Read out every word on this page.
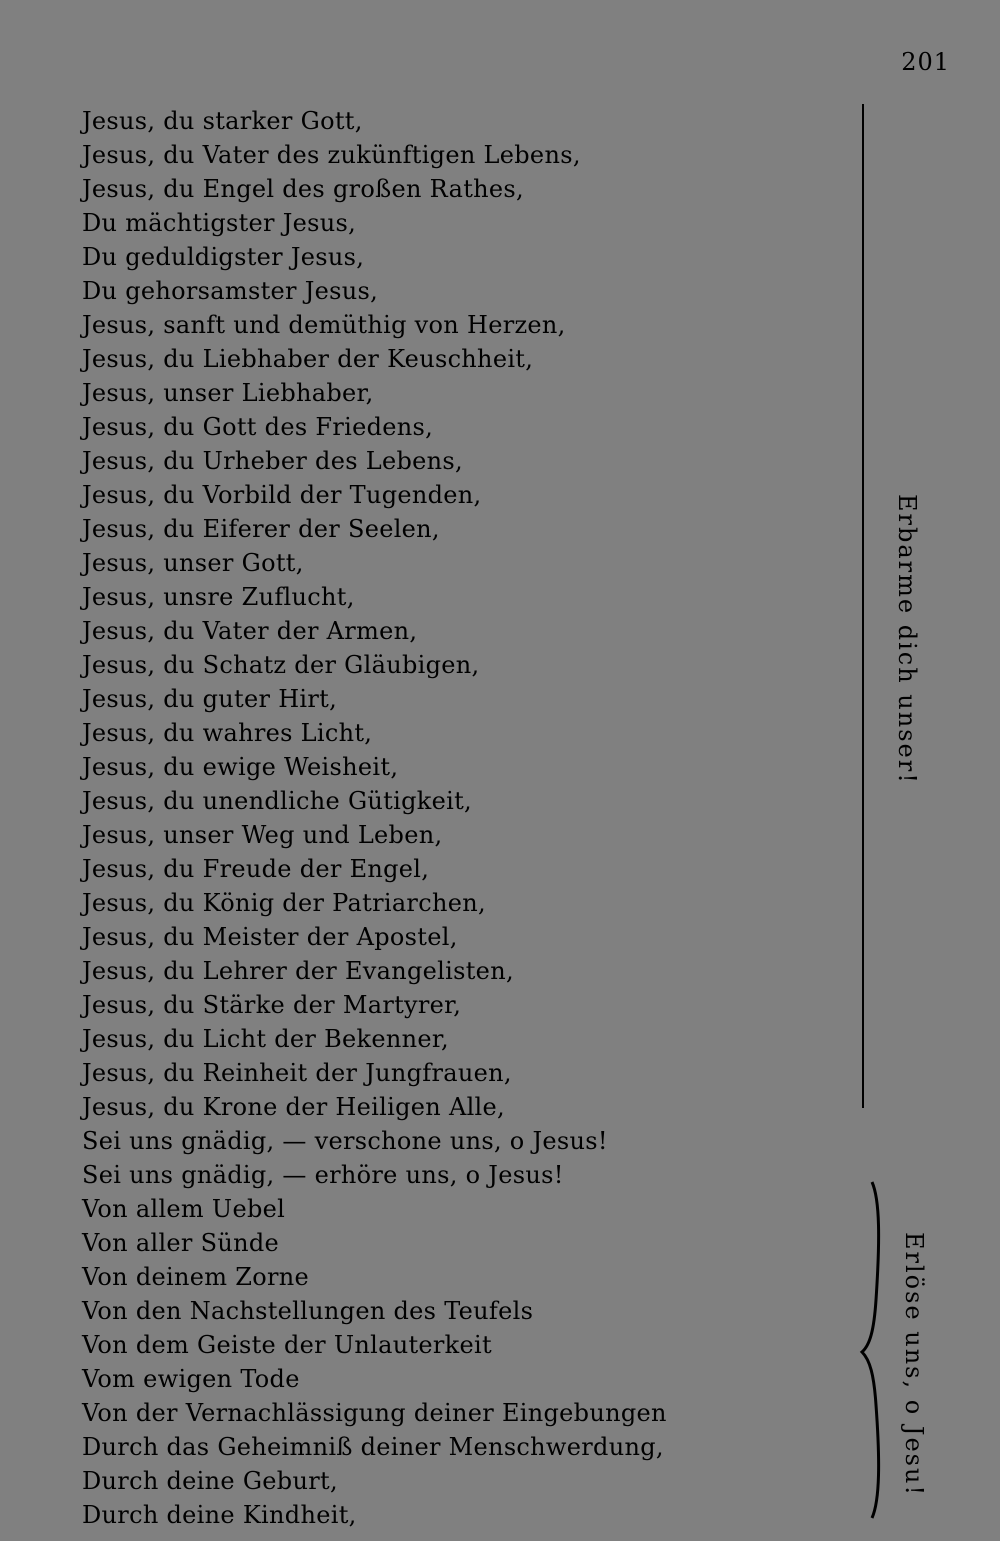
201
Jesus, du starker Gott,
Jesus, du Vater des zukünftigen Lebens,
Jesus, du Engel des großen Rathes,
Du mächtigster Jesus,
Du geduldigster Jesus,
Du gehorsamster Jesus,
Jesus, sanft und demüthig von Herzen,
Jesus, du Liebhaber der Keuschheit,
Jesus, unser Liebhaber,
Jesus, du Gott des Friedens,
Jesus, du Urheber des Lebens,
Jesus, du Vorbild der Tugenden,
Jesus, du Eiferer der Seelen,
Jesus, unser Gott,
Jesus, unsre Zuflucht,
Jesus, du Vater der Armen,
Jesus, du Schatz der Gläubigen,
Jesus, du guter Hirt,
Jesus, du wahres Licht,
Jesus, du ewige Weisheit,
Jesus, du unendliche Gütigkeit,
Jesus, unser Weg und Leben,
Jesus, du Freude der Engel,
Jesus, du König der Patriarchen,
Jesus, du Meister der Apostel,
Jesus, du Lehrer der Evangelisten,
Jesus, du Stärke der Martyrer,
Jesus, du Licht der Bekenner,
Jesus, du Reinheit der Jungfrauen,
Jesus, du Krone der Heiligen Alle,
Sei uns gnädig, — verschone uns, o Jesus!
Sei uns gnädig, — erhöre uns, o Jesus!
Von allem Uebel
Von aller Sünde
Von deinem Zorne
Von den Nachstellungen des Teufels
Von dem Geiste der Unlauterkeit
Vom ewigen Tode
Von der Vernachlässigung deiner Eingebungen
Durch das Geheimniß deiner Menschwerdung,
Durch deine Geburt,
Durch deine Kindheit,
Erbarme dich unser!
Erlöse uns, o Jesu!
